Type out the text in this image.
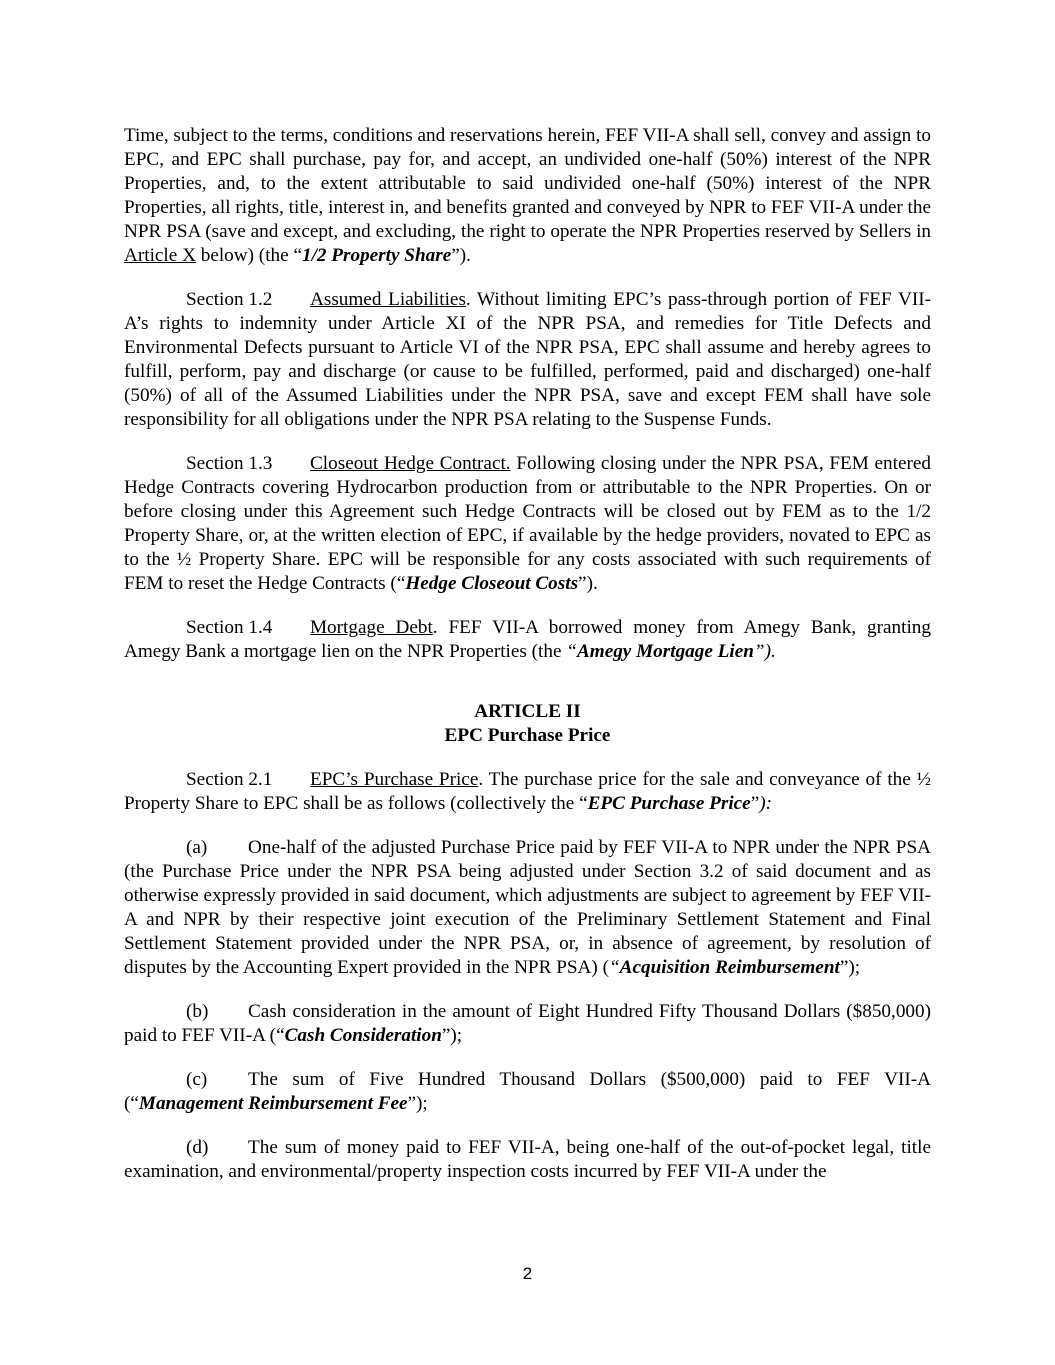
Time, subject to the terms, conditions and reservations herein, FEF VII-A shall sell, convey and assign to EPC, and EPC shall purchase, pay for, and accept, an undivided one-half (50%) interest of the NPR Properties, and, to the extent attributable to said undivided one-half (50%) interest of the NPR Properties, all rights, title, interest in, and benefits granted and conveyed by NPR to FEF VII-A under the NPR PSA (save and except, and excluding, the right to operate the NPR Properties reserved by Sellers in Article X below) (the “1/2 Property Share”).

Section 1.2 Assumed Liabilities. Without limiting EPC’s pass-through portion of FEF VII-A’s rights to indemnity under Article XI of the NPR PSA, and remedies for Title Defects and Environmental Defects pursuant to Article VI of the NPR PSA, EPC shall assume and hereby agrees to fulfill, perform, pay and discharge (or cause to be fulfilled, performed, paid and discharged) one-half (50%) of all of the Assumed Liabilities under the NPR PSA, save and except FEM shall have sole responsibility for all obligations under the NPR PSA relating to the Suspense Funds.

Section 1.3 Closeout Hedge Contract. Following closing under the NPR PSA, FEM entered Hedge Contracts covering Hydrocarbon production from or attributable to the NPR Properties. On or before closing under this Agreement such Hedge Contracts will be closed out by FEM as to the 1/2 Property Share, or, at the written election of EPC, if available by the hedge providers, novated to EPC as to the ½ Property Share. EPC will be responsible for any costs associated with such requirements of FEM to reset the Hedge Contracts (“Hedge Closeout Costs”).

Section 1.4 Mortgage Debt. FEF VII-A borrowed money from Amegy Bank, granting Amegy Bank a mortgage lien on the NPR Properties (the “Amegy Mortgage Lien”).

ARTICLE II

EPC Purchase Price

Section 2.1 EPC’s Purchase Price. The purchase price for the sale and conveyance of the ½ Property Share to EPC shall be as follows (collectively the “EPC Purchase Price”):

(a) One-half of the adjusted Purchase Price paid by FEF VII-A to NPR under the NPR PSA (the Purchase Price under the NPR PSA being adjusted under Section 3.2 of said document and as otherwise expressly provided in said document, which adjustments are subject to agreement by FEF VII-A and NPR by their respective joint execution of the Preliminary Settlement Statement and Final Settlement Statement provided under the NPR PSA, or, in absence of agreement, by resolution of disputes by the Accounting Expert provided in the NPR PSA) (“Acquisition Reimbursement”);

(b) Cash consideration in the amount of Eight Hundred Fifty Thousand Dollars ($850,000) paid to FEF VII-A (“Cash Consideration”);

(c) The sum of Five Hundred Thousand Dollars ($500,000) paid to FEF VII-A (“Management Reimbursement Fee”);

(d) The sum of money paid to FEF VII-A, being one-half of the out-of-pocket legal, title examination, and environmental/property inspection costs incurred by FEF VII-A under the

2
